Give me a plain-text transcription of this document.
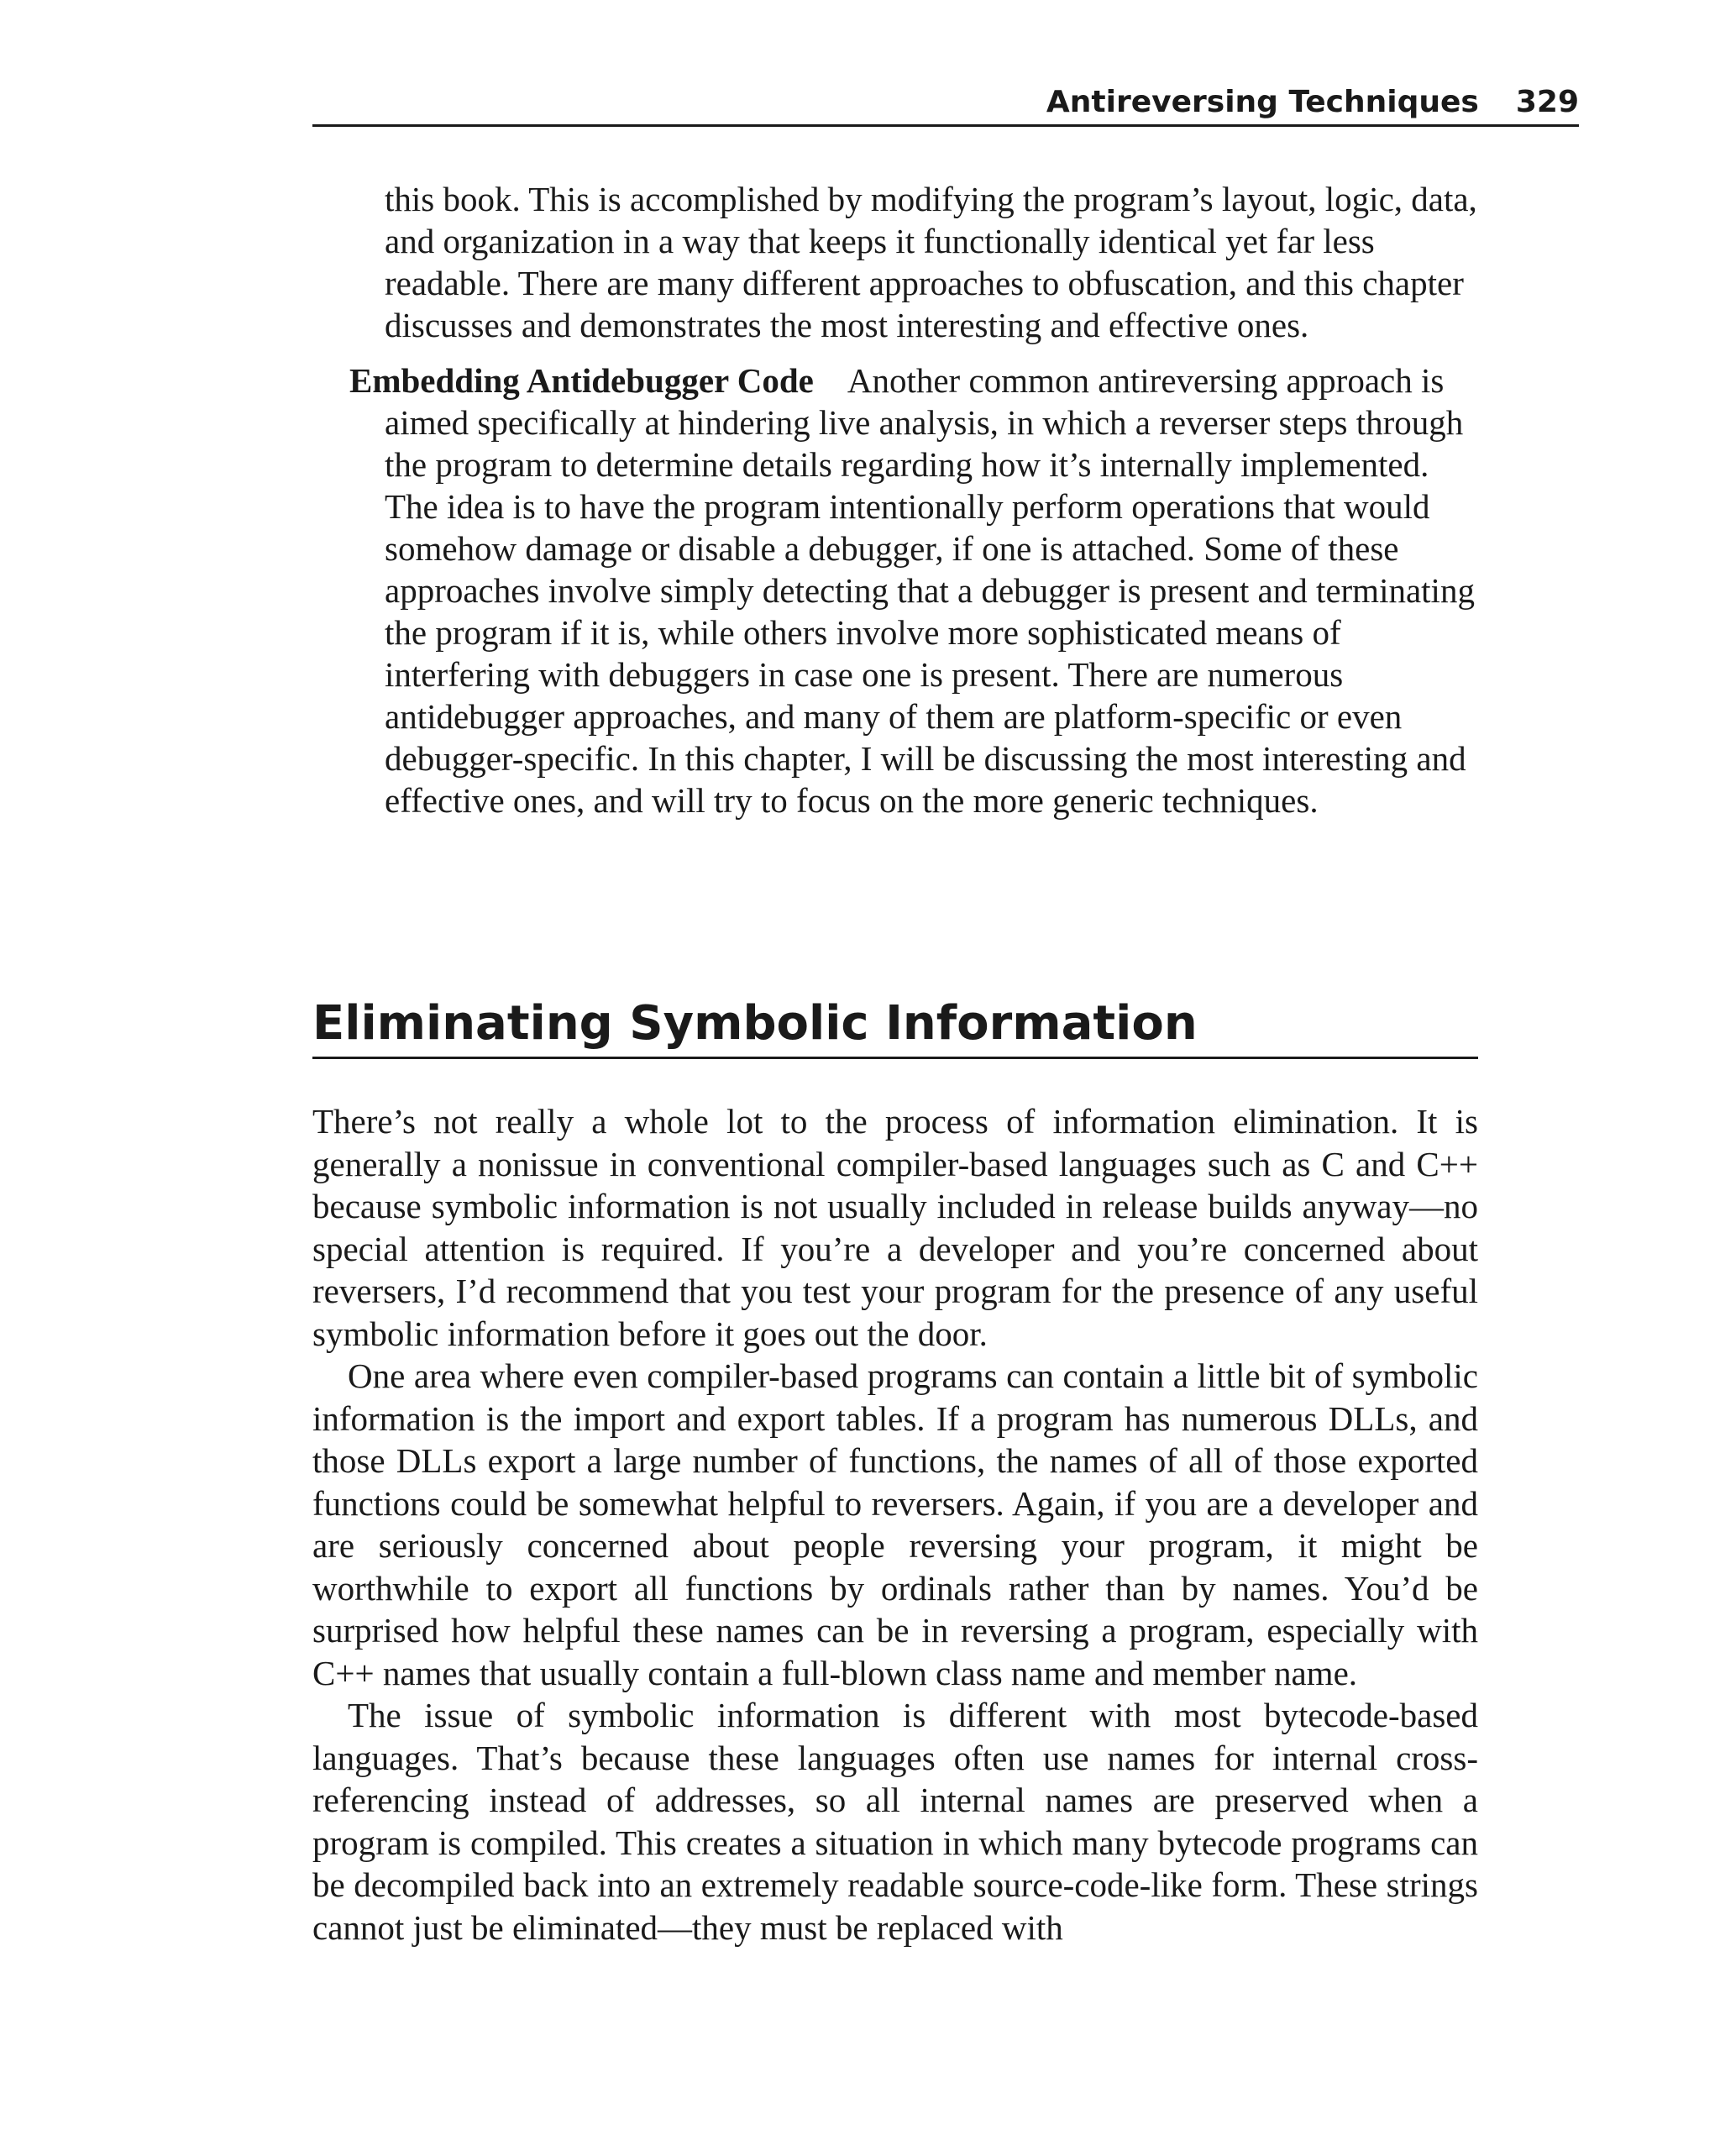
Antireversing Techniques 329

this book. This is accomplished by modifying the program’s layout, logic, data, and organization in a way that keeps it functionally identical yet far less readable. There are many different approaches to obfuscation, and this chapter discusses and demonstrates the most interesting and effective ones.

Embedding Antidebugger Code Another common antireversing approach is aimed specifically at hindering live analysis, in which a reverser steps through the program to determine details regarding how it’s internally implemented. The idea is to have the program intentionally perform operations that would somehow damage or disable a debugger, if one is attached. Some of these approaches involve simply detecting that a debugger is present and terminating the program if it is, while others involve more sophisticated means of interfering with debuggers in case one is present. There are numerous antidebugger approaches, and many of them are platform-specific or even debugger-specific. In this chapter, I will be discussing the most interesting and effective ones, and will try to focus on the more generic techniques.

Eliminating Symbolic Information

There’s not really a whole lot to the process of information elimination. It is generally a nonissue in conventional compiler-based languages such as C and C++ because symbolic information is not usually included in release builds anyway—no special attention is required. If you’re a developer and you’re concerned about reversers, I’d recommend that you test your program for the presence of any useful symbolic information before it goes out the door.

One area where even compiler-based programs can contain a little bit of symbolic information is the import and export tables. If a program has numerous DLLs, and those DLLs export a large number of functions, the names of all of those exported functions could be somewhat helpful to reversers. Again, if you are a developer and are seriously concerned about people reversing your program, it might be worthwhile to export all functions by ordinals rather than by names. You’d be surprised how helpful these names can be in reversing a program, especially with C++ names that usually contain a full-blown class name and member name.

The issue of symbolic information is different with most bytecode-based languages. That’s because these languages often use names for internal cross-referencing instead of addresses, so all internal names are preserved when a program is compiled. This creates a situation in which many bytecode programs can be decompiled back into an extremely readable source-code-like form. These strings cannot just be eliminated—they must be replaced with
